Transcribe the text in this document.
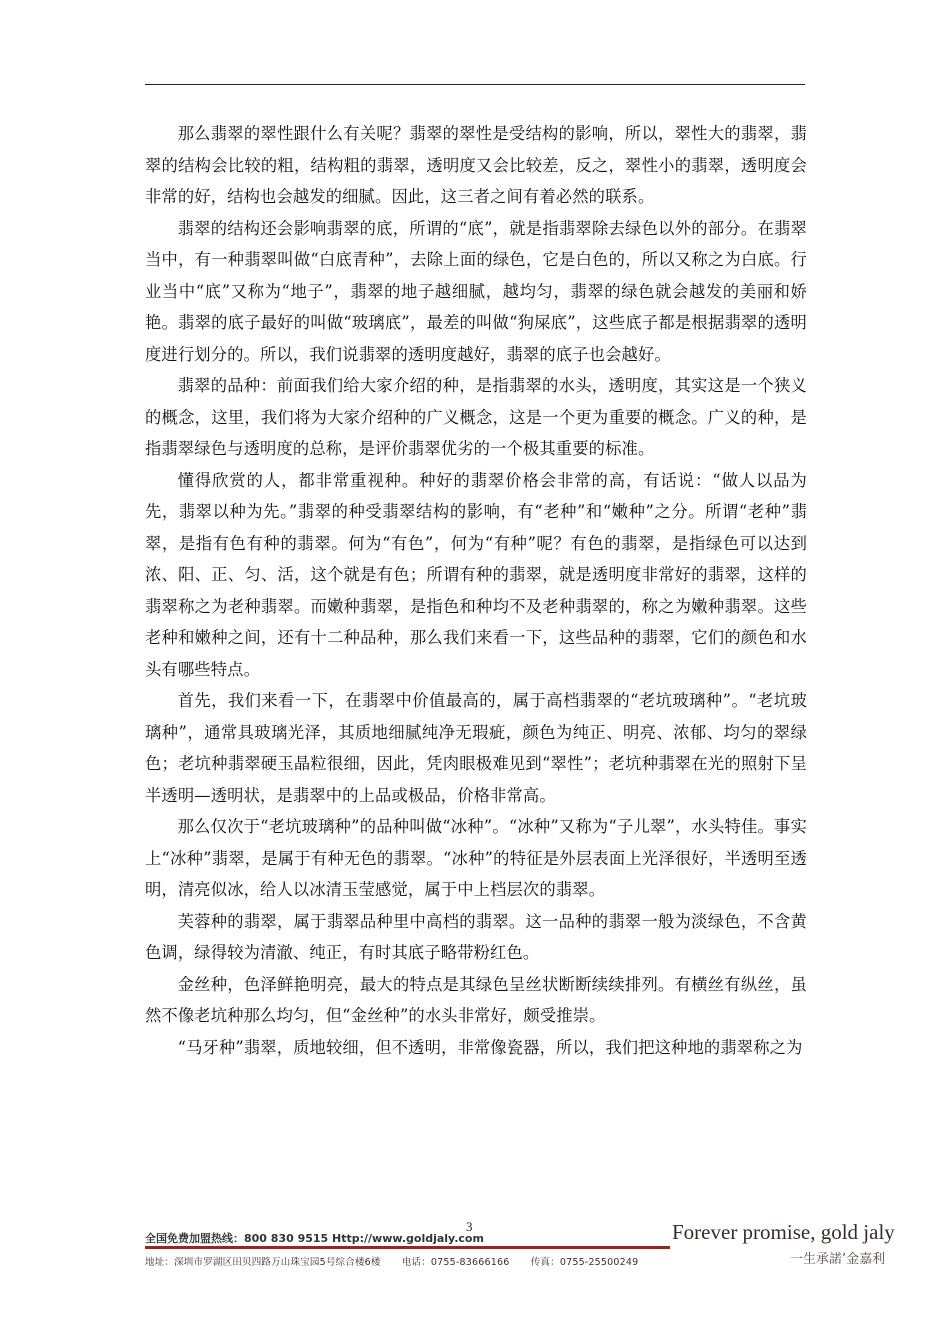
那么翡翠的翠性跟什么有关呢？翡翠的翠性是受结构的影响，所以，翠性大的翡翠，翡翠的结构会比较的粗，结构粗的翡翠，透明度又会比较差，反之，翠性小的翡翠，透明度会非常的好，结构也会越发的细腻。因此，这三者之间有着必然的联系。

翡翠的结构还会影响翡翠的底，所谓的“底”，就是指翡翠除去绿色以外的部分。在翡翠当中，有一种翡翠叫做“白底青种”，去除上面的绿色，它是白色的，所以又称之为白底。行业当中“底”又称为“地子”，翡翠的地子越细腻，越均匀，翡翠的绿色就会越发的美丽和娇艳。翡翠的底子最好的叫做“玻璃底”，最差的叫做“狗屎底”，这些底子都是根据翡翠的透明度进行划分的。所以，我们说翡翠的透明度越好，翡翠的底子也会越好。

翡翠的品种：前面我们给大家介绍的种，是指翡翠的水头，透明度，其实这是一个狭义的概念，这里，我们将为大家介绍种的广义概念，这是一个更为重要的概念。广义的种，是指翡翠绿色与透明度的总称，是评价翡翠优劣的一个极其重要的标准。

懂得欣赏的人，都非常重视种。种好的翡翠价格会非常的高，有话说：“做人以品为先，翡翠以种为先。”翡翠的种受翡翠结构的影响，有“老种”和“嫩种”之分。所谓“老种”翡翠，是指有色有种的翡翠。何为“有色”，何为“有种”呢？有色的翡翠，是指绿色可以达到浓、阳、正、匀、活，这个就是有色；所谓有种的翡翠，就是透明度非常好的翡翠，这样的翡翠称之为老种翡翠。而嫩种翡翠，是指色和种均不及老种翡翠的，称之为嫩种翡翠。这些老种和嫩种之间，还有十二种品种，那么我们来看一下，这些品种的翡翠，它们的颜色和水头有哪些特点。

首先，我们来看一下，在翡翠中价值最高的，属于高档翡翠的“老坑玻璃种”。“老坑玻璃种”，通常具玻璃光泽，其质地细腻纯净无瑕疵，颜色为纯正、明亮、浓郁、均匀的翠绿色；老坑种翡翠硬玉晶粒很细，因此，凭肉眼极难见到“翠性”；老坑种翡翠在光的照射下呈半透明—透明状，是翡翠中的上品或极品，价格非常高。

那么仅次于“老坑玻璃种”的品种叫做“冰种”。“冰种”又称为“子儿翠”，水头特佳。事实上“冰种”翡翠，是属于有种无色的翡翠。“冰种”的特征是外层表面上光泽很好，半透明至透明，清亮似冰，给人以冰清玉莹感觉，属于中上档层次的翡翠。

芙蓉种的翡翠，属于翡翠品种里中高档的翡翠。这一品种的翡翠一般为淡绿色，不含黄色调，绿得较为清澈、纯正，有时其底子略带粉红色。

金丝种，色泽鲜艳明亮，最大的特点是其绿色呈丝状断断续续排列。有横丝有纵丝，虽然不像老坑种那么均匀，但“金丝种”的水头非常好，颇受推崇。

“马牙种”翡翠，质地较细，但不透明，非常像瓷器，所以，我们把这种地的翡翠称之为

3
全国免费加盟热线：800 830 9515 Http://www.goldjaly.com
地址：深圳市罗湖区田贝四路万山珠宝园5号综合楼6楼 电话：0755-83666166 传真：0755-25500249
Forever promise, gold jaly
一生承諾’金嘉利
